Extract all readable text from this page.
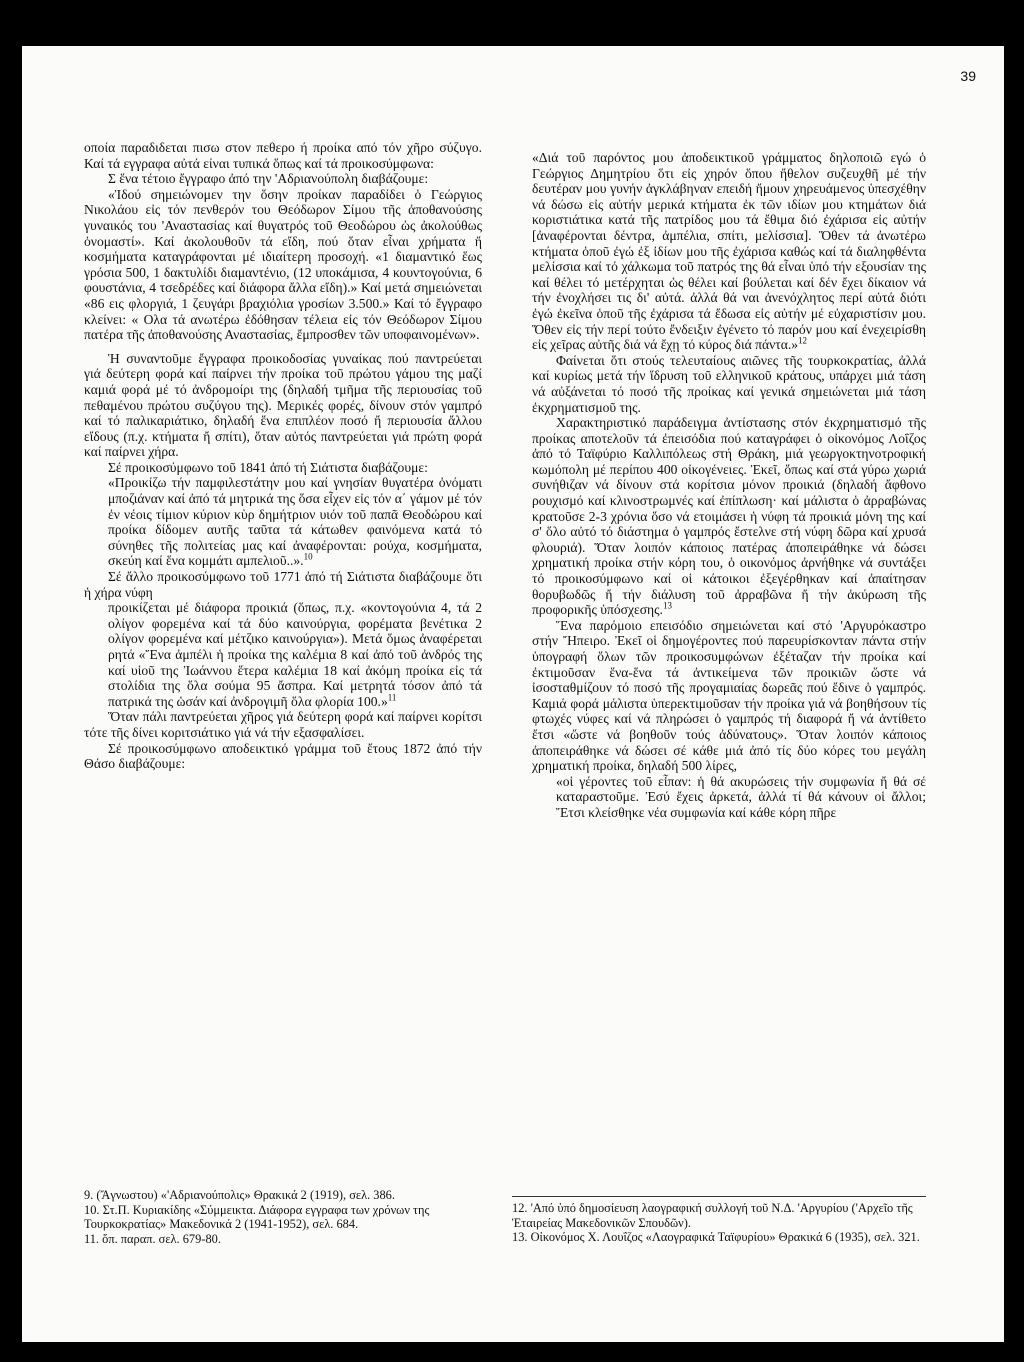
39

οποία παραδιδεται πισω στον πεθερο ή προίκα από τόν χῆρο σύζυγο. Καί τά εγγραφα αὐτά είναι τυπικά ὅπως καί τά προικοσύμφωνα:

Σ ἕνα τέτοιο ἔγγραφο ἀπό την 'Αδριανούπολη διαβάζουμε:

«Ἰδού σημειώνομεν την ὅσην προίκαν παραδίδει ὁ Γεώργιος Νικολάου εἰς τόν πενθερόν του Θεόδωρον Σίμου τῆς ἀποθανούσης γυναικός του 'Αναστασίας καί θυγατρός τοῦ Θεοδώρου ὡς ἀκολούθως ὀνομαστί». Καί ἀκολουθοῦν τά εἴδη, πού ὅταν εἶναι χρήματα ἤ κοσμήματα καταγράφονται μέ ιδιαίτερη προσοχή. «1 διαμαντικό ἕως γρόσια 500, 1 δακτυλίδι διαμαντένιο, (12 υποκάμισα, 4 κουντογούνια, 6 φουστάνια, 4 τσεδρέδες καί διάφορα ἄλλα εἴδη).» Καί μετά σημειώνεται «86 εις φλοργιά, 1 ζευγάρι βραχιόλια γροσίων 3.500.» Καί τό ἔγγραφο κλείνει: « Ολα τά ανωτέρω ἐδόθησαν τέλεια εἰς τόν Θεόδωρον Σίμου πατέρα τῆς ἀποθανούσης Αναστασίας, ἔμπροσθεν τῶν υποφαινομένων».

Ἡ συναντοῦμε ἔγγραφα προικοδοσίας γυναίκας πού παντρεύεται γιά δεύτερη φορά καί παίρνει τήν προίκα τοῦ πρώτου γάμου της μαζί καμιά φορά μέ τό ἀνδρομοίρι της (δηλαδή τμῆμα τῆς περιουσίας τοῦ πεθαμένου πρώτου συζύγου της). Μερικές φορές, δίνουν στόν γαμπρό καί τό παλικαριάτικο, δηλαδή ἕνα επιπλέον ποσό ἤ περιουσία ἄλλου εἴδους (π.χ. κτήματα ἤ σπίτι), ὅταν αὐτός παντρεύεται γιά πρώτη φορά καί παίρνει χήρα.

Σέ προικοσύμφωνο τοῦ 1841 ἀπό τή Σιάτιστα διαβάζουμε:

«Προικίζω τήν παμφιλεστάτην μου καί γνησίαν θυγατέρα ὀνόματι μποζιάναν καί ἀπό τά μητρικά της ὅσα εἶχεν εἰς τόν α΄ γάμον μέ τόν ἐν νέοις τίμιον κύριον κὺρ δημήτριον υιόν τοῦ παπᾶ Θεοδώρου καί προίκα δίδομεν αυτῆς ταῦτα τά κάτωθεν φαινόμενα κατά τό σύνηθες τῆς πολιτείας μας καί ἀναφέρονται: ρούχα, κοσμήματα, σκεύη καί ἕνα κομμάτι αμπελιοῦ..».$^{10}$

Σέ ἄλλο προικοσύμφωνο τοῦ 1771 ἀπό τή Σιάτιστα διαβάζουμε ὅτι ἡ χήρα νύφη

προικίζεται μέ διάφορα προικιά (ὅπως, π.χ. «κοντογούνια 4, τά 2 ολίγον φορεμένα καί τά δύο καινούργια, φορέματα βενέτικα 2 ολίγον φορεμένα καί μέτζικο καινούργια»). Μετά ὅμως ἀναφέρεται ρητά «Ἔνα ἀμπέλι ἡ προίκα της καλέμια 8 καί ἀπό τοῦ ἀνδρός της καί υἱοῦ της Ἰωάννου ἕτερα καλέμια 18 καί ἀκόμη προίκα εἰς τά στολίδια της ὅλα σούμα 95 ἄσπρα. Καί μετρητά τόσον ἀπό τά πατρικά της ὡσάν καί ἀνδρογιμῆ ὅλα φλορία 100.»$^{11}$

Ὅταν πάλι παντρεύεται χῆρος γιά δεύτερη φορά καί παίρνει κορίτσι τότε τῆς δίνει κοριτσιάτικο γιά νά τήν εξασφαλίσει.

Σέ προικοσύμφωνο αποδεικτικό γράμμα τοῦ ἔτους 1872 ἀπό τήν Θάσο διαβάζουμε:

«Διά τοῦ παρόντος μου ἀποδεικτικοῦ γράμματος δηλοποιῶ εγώ ὁ Γεώργιος Δημητρίου ὅτι εἰς χηρόν ὅπου ἤθελον συζευχθῆ μέ τήν δευτέραν μου γυνήν ἀγκλάβηναν επειδή ἤμουν χηρευάμενος ὑπεσχέθην νά δώσω εἰς αὐτήν μερικά κτήματα ἐκ τῶν ιδίων μου κτημάτων διά κοριστιάτικα κατά τῆς πατρίδος μου τά ἔθιμα διό ἐχάρισα εἰς αὐτήν [ἀναφέρονται δέντρα, ἀμπέλια, σπίτι, μελίσσια]. Ὅθεν τά ἀνωτέρω κτήματα ὁποῦ ἐγώ ἐξ ἰδίων μου τῆς ἐχάρισα καθώς καί τά διαληφθέντα μελίσσια καί τό χάλκωμα τοῦ πατρός της θά εἶναι ὑπό τήν εξουσίαν της καί θέλει τό μετέρχηται ὡς θέλει καί βούλεται καί δέν ἔχει δίκαιον νά τήν ἐνοχλήσει τις δι' αὐτά. ἀλλά θά ναι ἀνενόχλητος περί αὐτά διότι ἐγώ ἐκεῖνα ὁποῦ τῆς ἐχάρισα τά ἔδωσα εἰς αὐτήν μέ εὐχαριστίσιν μου. Ὅθεν εἰς τήν περί τούτο ἔνδειξιν ἐγένετο τό παρόν μου καί ἐνεχειρίσθη εἰς χεῖρας αὐτῆς διά νά ἔχῃ τό κύρος διά πάντα.»$^{12}$

Φαίνεται ὅτι στούς τελευταίους αιῶνες τῆς τουρκοκρατίας, ἀλλά καί κυρίως μετά τήν ἵδρυση τοῦ ελληνικοῦ κράτους, υπάρχει μιά τάση νά αὐξάνεται τό ποσό τῆς προίκας καί γενικά σημειώνεται μιά τάση ἐκχρηματισμοῦ της.

Χαρακτηριστικό παράδειγμα ἀντίστασης στόν ἐκχρηματισμό τῆς προίκας αποτελοῦν τά ἐπεισόδια πού καταγράφει ὁ οἰκονόμος Λοΐζος ἀπό τό Ταϊφύριο Καλλιπόλεως στή Θράκη, μιά γεωργοκτηνοτροφική κωμόπολη μέ περίπου 400 οἰκογένειες. Ἐκεῖ, ὅπως καί στά γύρω χωριά συνήθιζαν νά δίνουν στά κορίτσια μόνον προικιά (δηλαδή ἄφθονο ρουχισμό καί κλινοστρωμνές καί ἐπίπλωση· καί μάλιστα ὁ ἀρραβώνας κρατοῦσε 2-3 χρόνια ὅσο νά ετοιμάσει ἡ νύφη τά προικιά μόνη της καί σ' ὅλο αὐτό τό διάστημα ὁ γαμπρός ἔστελνε στή νύφη δῶρα καί χρυσά φλουριά). Ὅταν λοιπόν κάποιος πατέρας ἀποπειράθηκε νά δώσει χρηματική προίκα στήν κόρη του, ὁ οικονόμος ἀρνήθηκε νά συντάξει τό προικοσύμφωνο καί οἱ κάτοικοι ἐξεγέρθηκαν καί ἀπαίτησαν θορυβωδῶς ἤ τήν διάλυση τοῦ ἀρραβῶνα ἤ τήν ἀκύρωση τῆς προφορικῆς ὑπόσχεσης.$^{13}$

Ἕνα παρόμοιο επεισόδιο σημειώνεται καί στό 'Αργυρόκαστρο στήν Ἤπειρο. Ἐκεῖ οἱ δημογέροντες πού παρευρίσκονταν πάντα στήν ὑπογραφή ὅλων τῶν προικοσυμφώνων ἐξέταζαν τήν προίκα καί ἐκτιμοῦσαν ἕνα-ἕνα τά ἀντικείμενα τῶν προικιῶν ὥστε νά ἰσοσταθμίζουν τό ποσό τῆς προγαμιαίας δωρεᾶς πού ἔδινε ὁ γαμπρός. Καμιά φορά μάλιστα ὑπερεκτιμοῦσαν τήν προίκα γιά νά βοηθήσουν τίς φτωχές νύφες καί νά πληρώσει ὁ γαμπρός τή διαφορά ἤ νά ἀντίθετο ἔτσι «ὥστε νά βοηθοῦν τούς ἀδύνατους». Ὅταν λοιπόν κάποιος ἀποπειράθηκε νά δώσει σέ κάθε μιά ἀπό τίς δύο κόρες του μεγάλη χρηματική προίκα, δηλαδή 500 λίρες,

«οἱ γέροντες τοῦ εἶπαν: ἡ θά ακυρώσεις τήν συμφωνία ἤ θά σέ καταραστοῦμε. Ἐσύ ἔχεις ἀρκετά, ἀλλά τί θά κάνουν οἱ ἄλλοι; Ἔτσι κλείσθηκε νέα συμφωνία καί κάθε κόρη πῆρε

9. (Ἄγνωστου) «'Αδριανούπολις» Θρακικά 2 (1919), σελ. 386.

10. Στ.Π. Κυριακίδης «Σύμμεικτα. Διάφορα εγγραφα των χρόνων της Τουρκοκρατίας» Μακεδονικά 2 (1941-1952), σελ. 684.

11. ὅπ. παραπ. σελ. 679-80.

12. 'Από ὑπό δημοσίευση λαογραφική συλλογή τοῦ Ν.Δ. 'Αργυρίου ('Αρχεῖο τῆς Ἑταιρείας Μακεδονικῶν Σπουδῶν).

13. Οἰκονόμος Χ. Λουΐζος «Λαογραφικά Ταϊφυρίου» Θρακικά 6 (1935), σελ. 321.
